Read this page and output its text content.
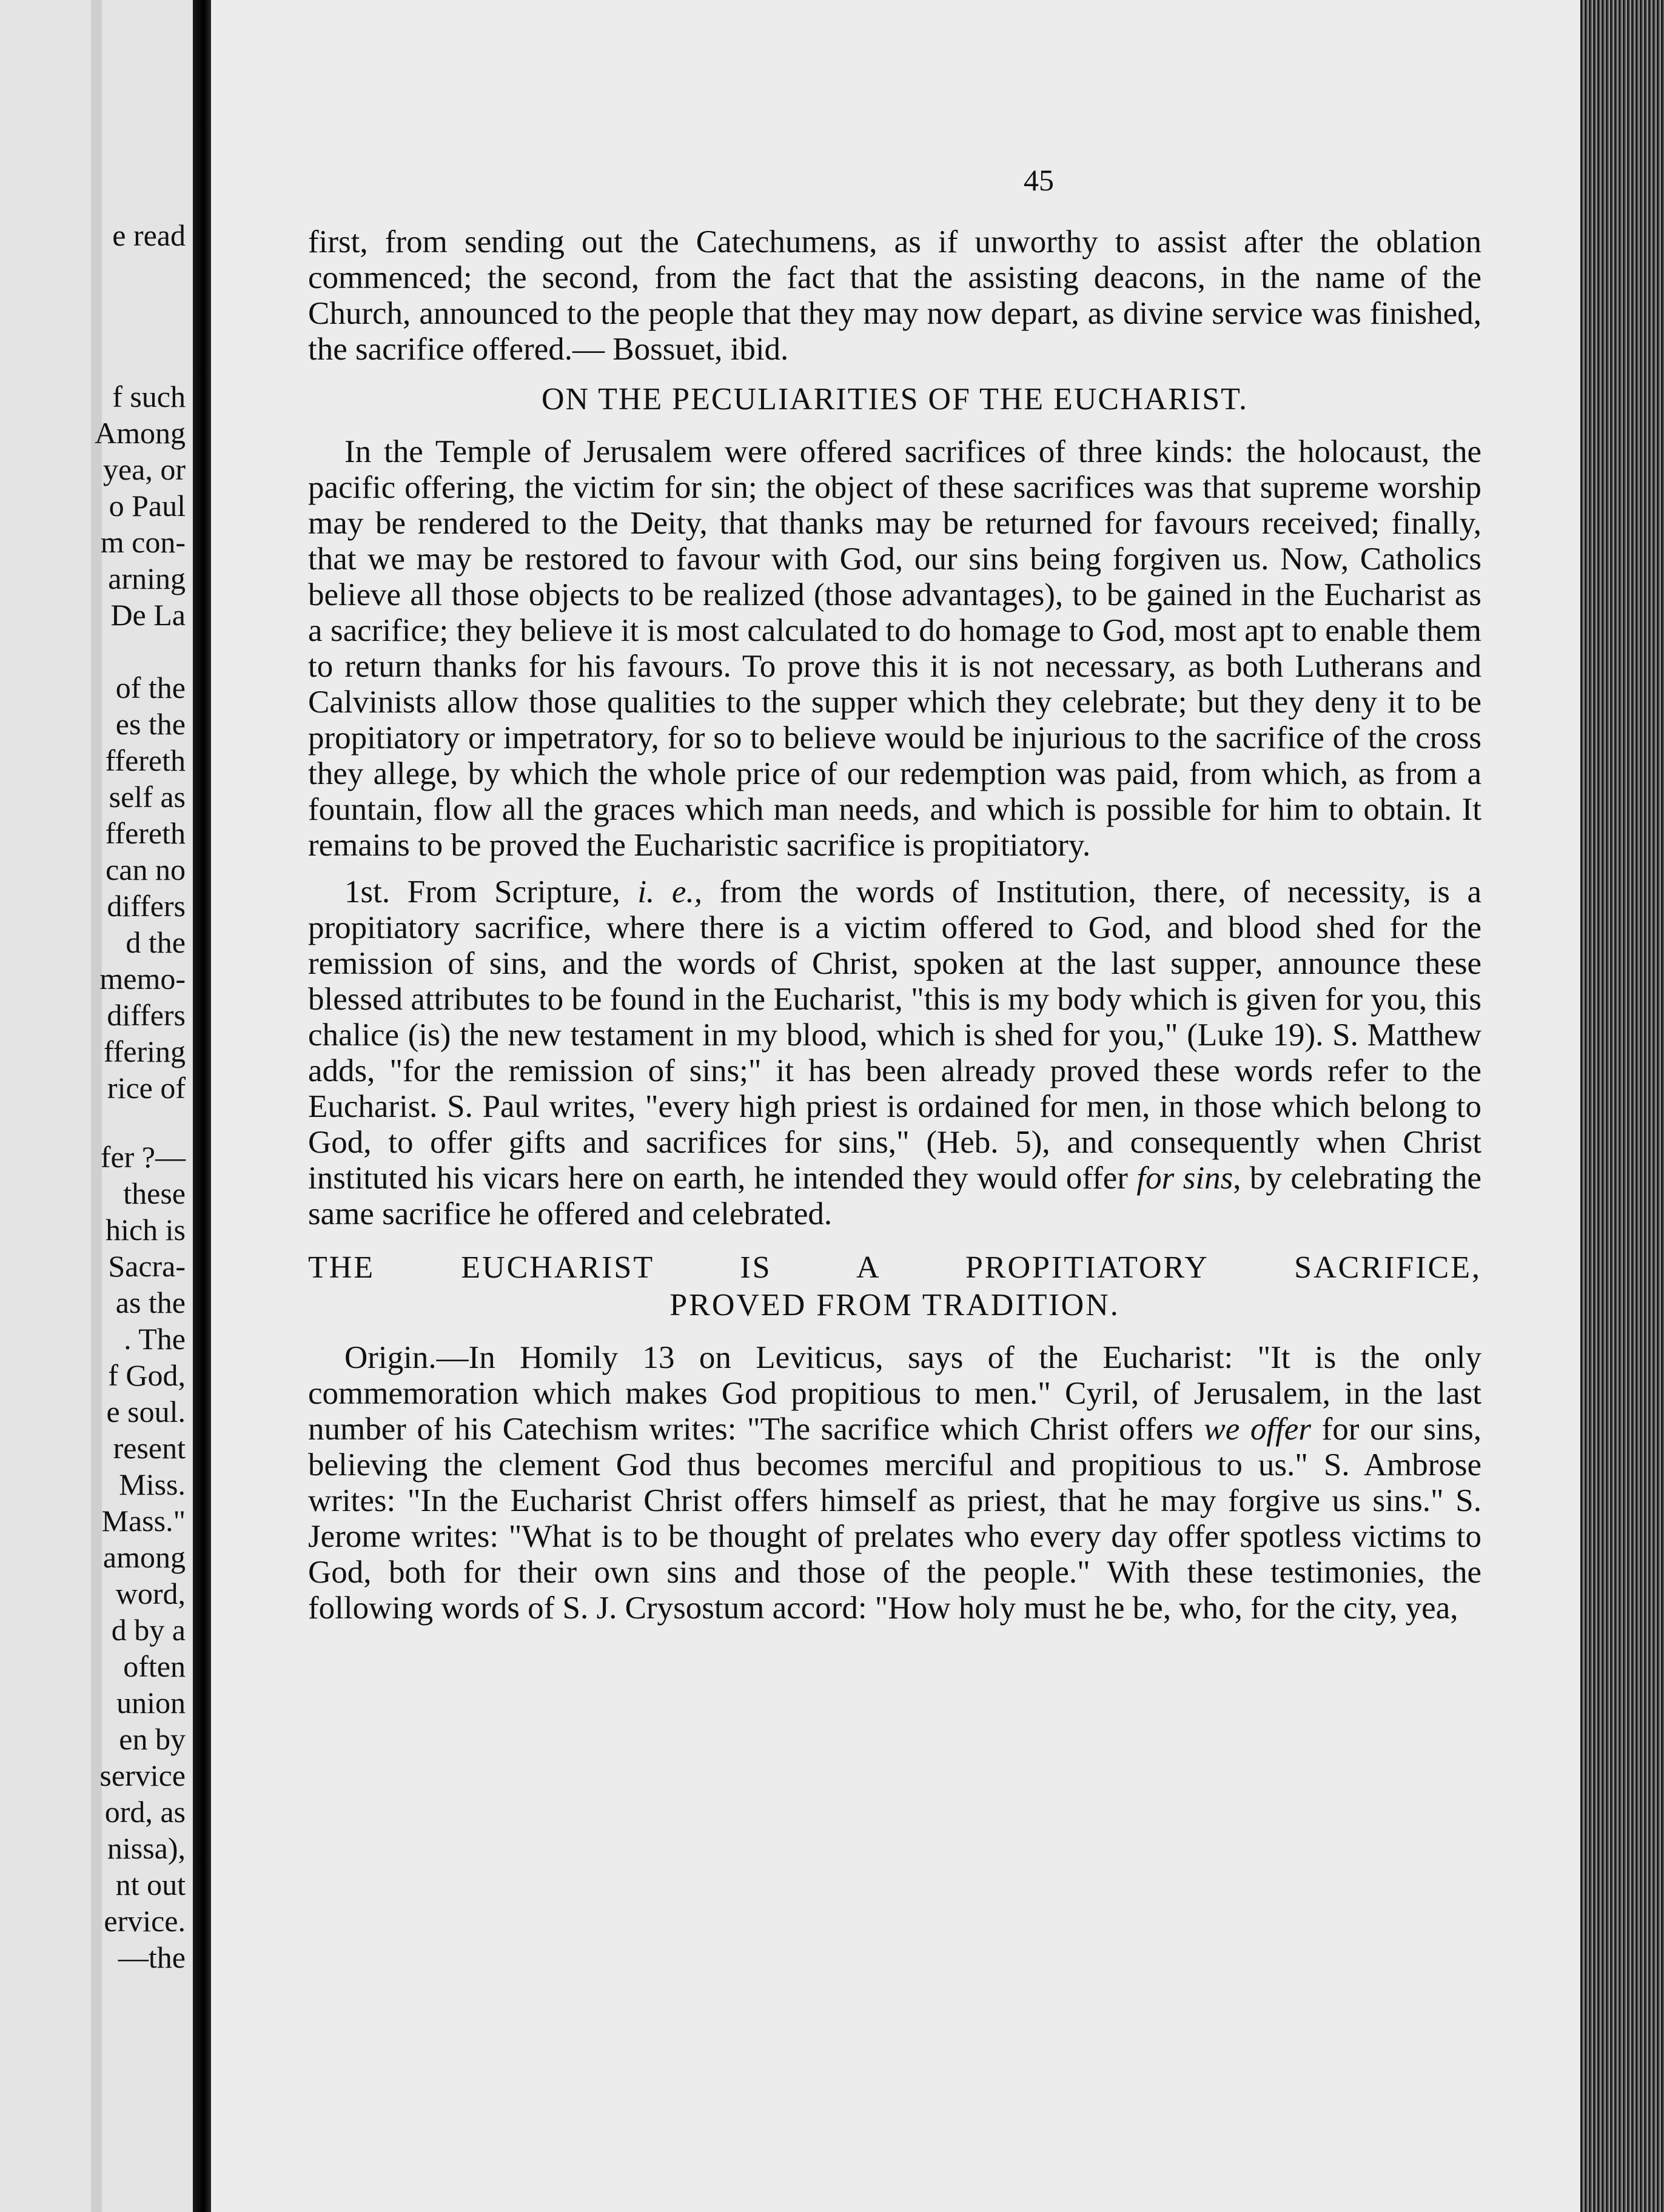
e read

f such

Among

yea, or

o Paul

m con-

arning

De La

of the

es the

ffereth

self as

ffereth

can no

differs

d the

memo-

differs

ffering

rice of

fer ?—

these

hich is

Sacra-

as the

. The

f God,

e soul.

resent

Miss.

Mass."

among

word,

d by a

often

union

en by

service

ord, as

nissa),

nt out

ervice.

—the

45

first, from sending out the Catechumens, as if unworthy to assist after the oblation commenced; the second, from the fact that the assisting deacons, in the name of the Church, announced to the people that they may now depart, as divine service was finished, the sacrifice offered.— Bossuet, ibid.

ON THE PECULIARITIES OF THE EUCHARIST.

In the Temple of Jerusalem were offered sacrifices of three kinds: the holocaust, the pacific offering, the victim for sin; the object of these sacrifices was that supreme worship may be rendered to the Deity, that thanks may be returned for favours received; finally, that we may be restored to favour with God, our sins being forgiven us. Now, Catholics believe all those objects to be realized (those advantages), to be gained in the Eucharist as a sacrifice; they believe it is most calculated to do homage to God, most apt to enable them to return thanks for his favours. To prove this it is not necessary, as both Lutherans and Calvinists allow those qualities to the supper which they celebrate; but they deny it to be propitiatory or impetratory, for so to believe would be injurious to the sacrifice of the cross they allege, by which the whole price of our redemption was paid, from which, as from a fountain, flow all the graces which man needs, and which is possible for him to obtain. It remains to be proved the Eucharistic sacrifice is propitiatory.

1st. From Scripture, i. e., from the words of Institution, there, of necessity, is a propitiatory sacrifice, where there is a victim offered to God, and blood shed for the remission of sins, and the words of Christ, spoken at the last supper, announce these blessed attributes to be found in the Eucharist, "this is my body which is given for you, this chalice (is) the new testament in my blood, which is shed for you," (Luke 19). S. Matthew adds, "for the remission of sins;" it has been already proved these words refer to the Eucharist. S. Paul writes, "every high priest is ordained for men, in those which belong to God, to offer gifts and sacrifices for sins," (Heb. 5), and consequently when Christ instituted his vicars here on earth, he intended they would offer for sins, by celebrating the same sacrifice he offered and celebrated.

THE EUCHARIST IS A PROPITIATORY SACRIFICE,
PROVED FROM TRADITION.

Origin.—In Homily 13 on Leviticus, says of the Eucharist: "It is the only commemoration which makes God propitious to men." Cyril, of Jerusalem, in the last number of his Catechism writes: "The sacrifice which Christ offers we offer for our sins, believing the clement God thus becomes merciful and propitious to us." S. Ambrose writes: "In the Eucharist Christ offers himself as priest, that he may forgive us sins." S. Jerome writes: "What is to be thought of prelates who every day offer spotless victims to God, both for their own sins and those of the people." With these testimonies, the following words of S. J. Crysostum accord: "How holy must he be, who, for the city, yea,
